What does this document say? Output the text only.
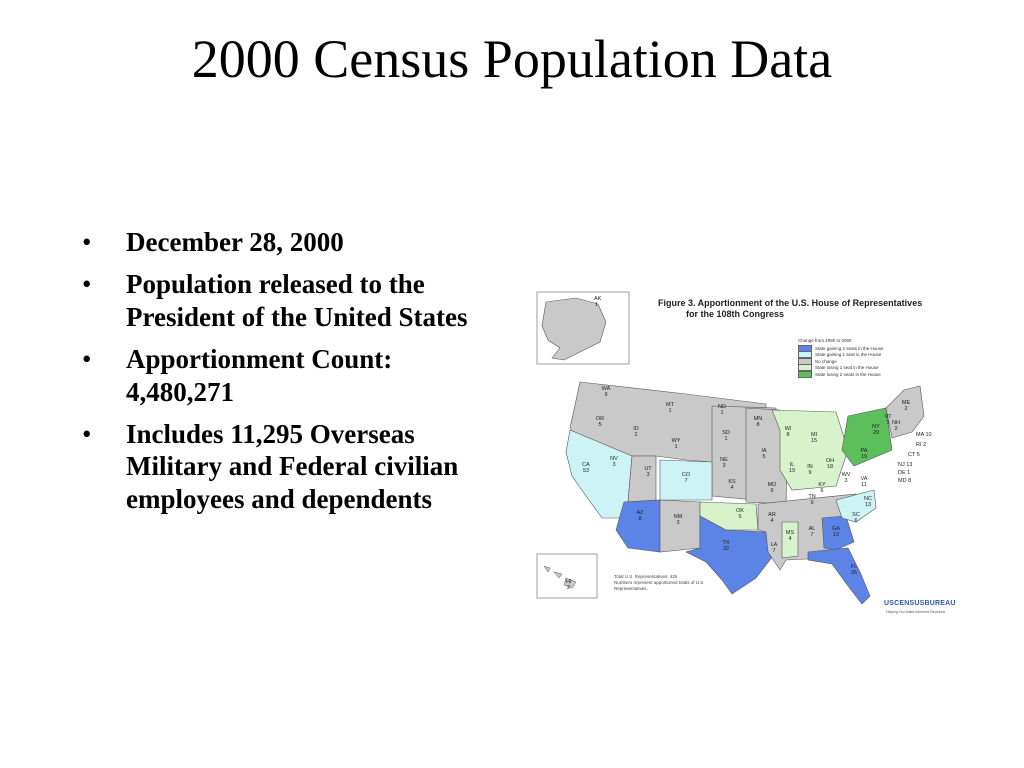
2000 Census Population Data
• December 28, 2000
• Population released to the President of the United States
• Apportionment Count: 4,480,271
• Includes 11,295 Overseas Military and Federal civilian employees and dependents
WA
9
OR
5
ID
2
MT
1
WY
1
ND
1
SD
1
NE
3
KS
4
MN
8
IA
5
MO
9
CA
53
NV
3
UT
3	CO
7
AZ
8	NM
3
OK
5
TX
32
AR
4
LA
7
MS
4
AL
7
GA
13
FL
25
TN
9
KY
6
SC
6
NC
13
WV
3 VA
11
WI
8	MI
15
IL
19
IN
9
OH
18
NY
29
PA
19
ME
2
VT
1 NH
2
MA 10
RI 2
CT 5
NJ 13
DE 1
MD 8
HI
2
AK
1	Figure 3. Apportionment of the U.S. House of Representatives
for the 108th Congress
Change from 1990 to 2000
State gaining 2 seats in the House
State gaining 1 seat in the House
No change
State losing 1 seat in the House
State losing 2 seats in the House
Total U.S. Representatives: 435
Numbers represent apportioned totals of U.S. Representatives.
USCENSUSBUREAU
Helping You Make Informed Decisions
